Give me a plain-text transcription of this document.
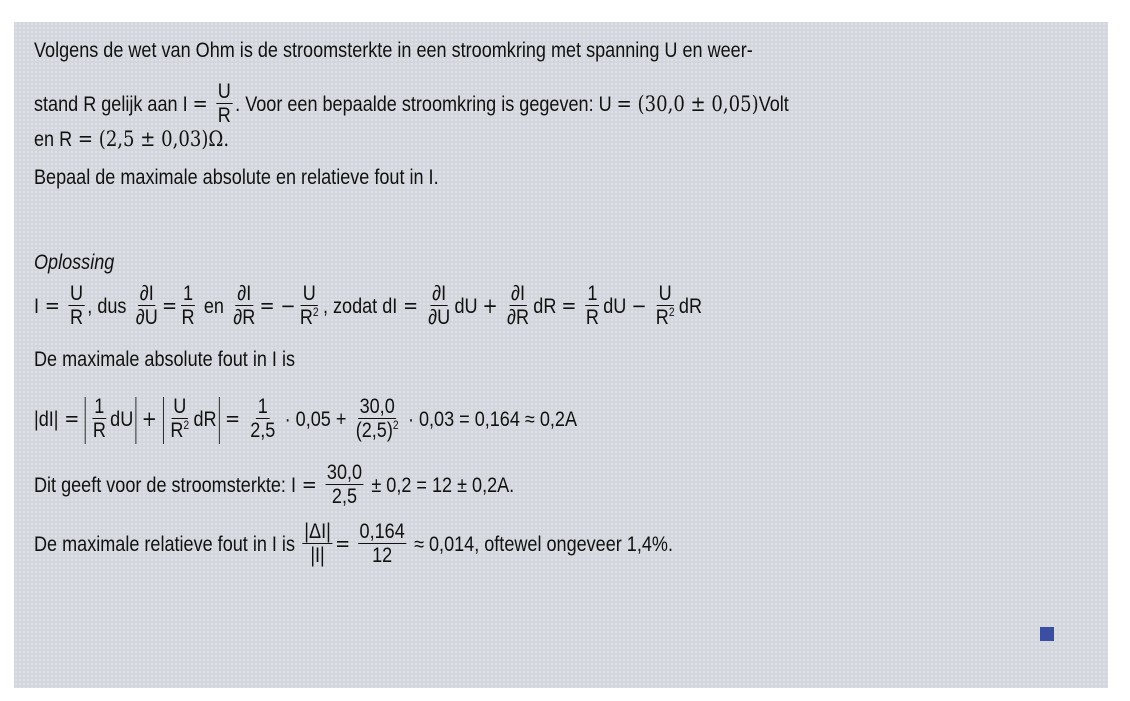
Volgens de wet van Ohm is de stroomsterkte in een stroomkring met spanning U en weer-
stand R gelijk aan $I = \frac{U}{R}$ . Voor een bepaalde stroomkring is gegeven: U = (30,0 ± 0,05)Volt
en R = (2,5 ± 0,03)Ω.
Bepaal de maximale absolute en relatieve fout in I.
Oplossing
$I = \frac{U}{R}$ , dus $\frac{\partial I}{\partial U} = \frac{1}{R}$ en $\frac{\partial I}{\partial R}$ = − $\frac{U}{R^2}$ , zodat dI = $\frac{\partial I}{\partial U}$ dU + $\frac{\partial I}{\partial R}$ dR = $\frac{1}{R}$ dU − $\frac{U}{R^2}$ dR
De maximale absolute fout in I is
$|dI| = \frac{1}{R}$ dU + $\frac{U}{R^2}$ dR = $\frac{1}{2,5} \cdot 0,05 + \frac{30,0}{(2,5)^2} \cdot 0,03 = 0,164 \approx 0,2A$
Dit geeft voor de stroomsterkte: $I = \frac{30,0}{2,5} \pm 0,2 = 12 \pm 0,2A$.
De maximale relatieve fout in I is $\frac{|\Delta I|}{|I|} = \frac{0,164}{12} \approx 0,014$, oftewel ongeveer 1,4%.
